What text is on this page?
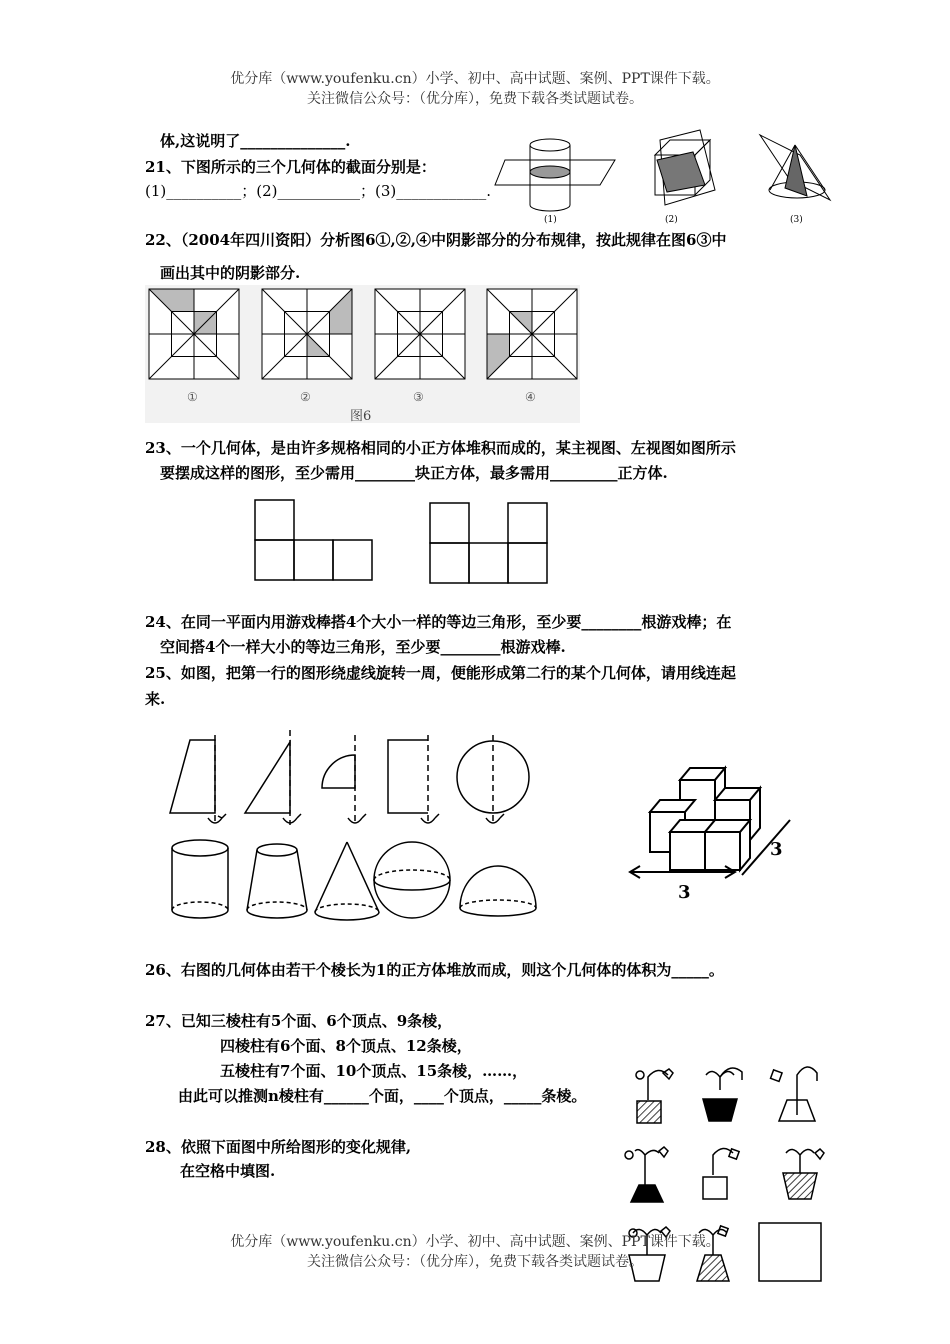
优分库（www.youfenku.cn）小学、初中、高中试题、案例、PPT课件下载。
关注微信公众号：（优分库），免费下载各类试题试卷。
体,这说明了______________.
21、下图所示的三个几何体的截面分别是：
(1)__________；(2)___________；(3)____________.
(1)	(2)	(3)
22、（2004年四川资阳）分析图6①,②,④中阴影部分的分布规律，按此规律在图6③中
画出其中的阴影部分.
①	②	③	④
图6
23、一个几何体，是由许多规格相同的小正方体堆积而成的，某主视图、左视图如图所示
要摆成这样的图形，至少需用________块正方体，最多需用_________正方体.
24、在同一平面内用游戏棒搭4个大小一样的等边三角形，至少要________根游戏棒；在
空间搭4个一样大小的等边三角形，至少要________根游戏棒.
25、如图，把第一行的图形绕虚线旋转一周，便能形成第二行的某个几何体，请用线连起
来.
3
3
26、右图的几何体由若干个棱长为1的正方体堆放而成，则这个几何体的体积为_____。
27、已知三棱柱有5个面、6个顶点、9条棱，
四棱柱有6个面、8个顶点、12条棱，
五棱柱有7个面、10个顶点、15条棱，……，
由此可以推测n棱柱有______个面，____个顶点，_____条棱。
28、依照下面图中所给图形的变化规律,
在空格中填图.
优分库（www.youfenku.cn）小学、初中、高中试题、案例、PPT课件下载。
关注微信公众号：（优分库），免费下载各类试题试卷。
